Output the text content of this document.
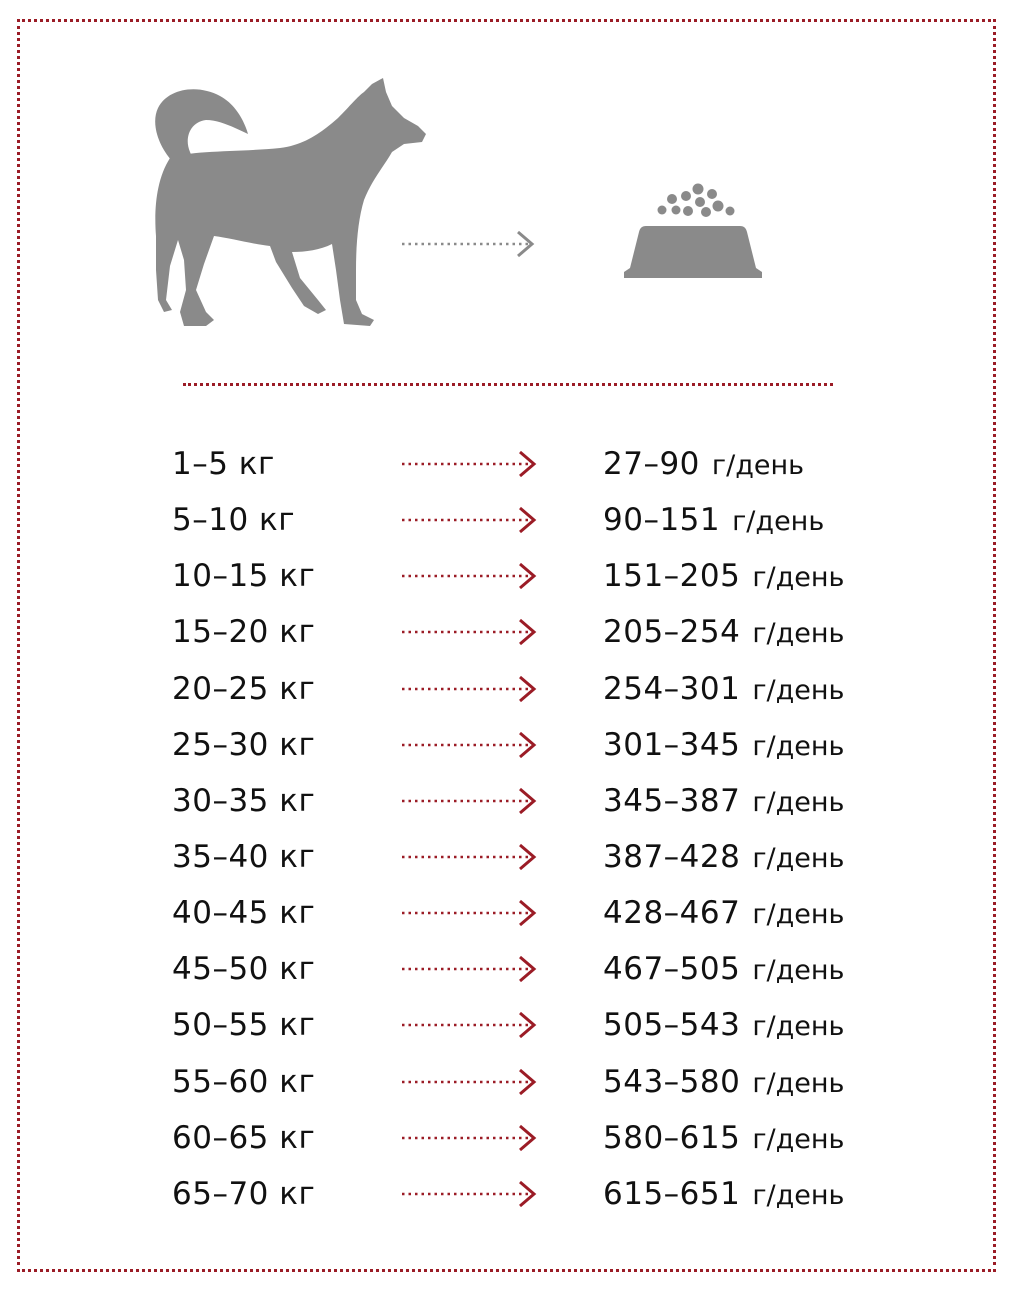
1–5 кг	27–90 г/день
5–10 кг	90–151 г/день
10–15 кг	151–205 г/день
15–20 кг	205–254 г/день
20–25 кг	254–301 г/день
25–30 кг	301–345 г/день
30–35 кг	345–387 г/день
35–40 кг	387–428 г/день
40–45 кг	428–467 г/день
45–50 кг	467–505 г/день
50–55 кг	505–543 г/день
55–60 кг	543–580 г/день
60–65 кг	580–615 г/день
65–70 кг	615–651 г/день
